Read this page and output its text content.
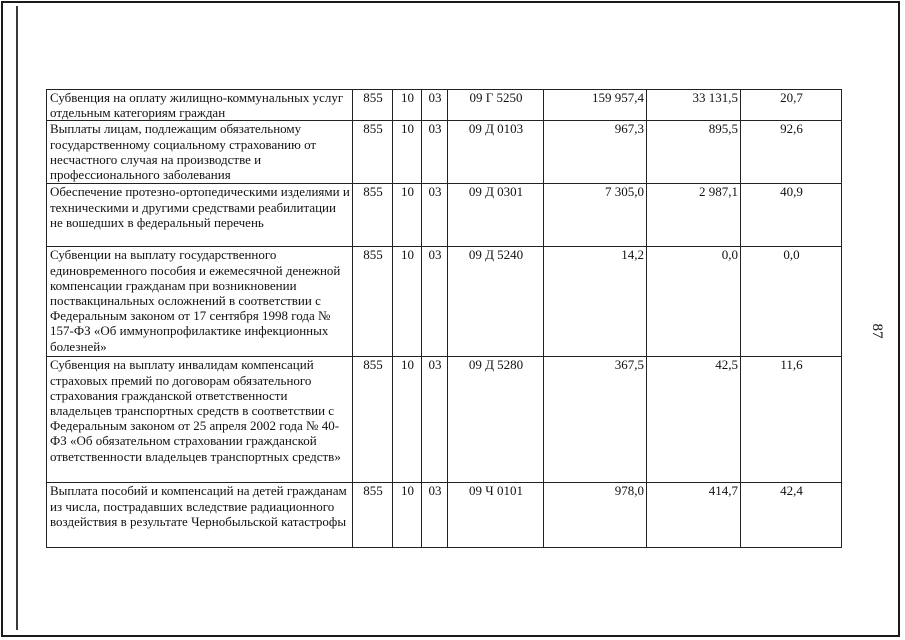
Субвенция на оплату жилищно-коммунальных услуг отдельным категориям граждан	855	10	03	09 Г 5250	159 957,4	33 131,5	20,7
Выплаты лицам, подлежащим обязательному государственному социальному страхованию от несчастного случая на производстве и профессионального заболевания	855	10	03	09 Д 0103	967,3	895,5	92,6
Обеспечение протезно-ортопедическими изделиями и техническими и другими средствами реабилитации не вошедших в федеральный перечень	855	10	03	09 Д 0301	7 305,0	2 987,1	40,9
Субвенции на выплату государственного единовременного пособия и ежемесячной денежной компенсации гражданам при возникновении поствакцинальных осложнений в соответствии с Федеральным законом от 17 сентября 1998 года № 157-ФЗ «Об иммунопрофилактике инфекционных болезней»	855	10	03	09 Д 5240	14,2	0,0	0,0
Субвенция на выплату инвалидам компенсаций страховых премий по договорам обязательного страхования гражданской ответственности владельцев транспортных средств в соответствии с Федеральным законом от 25 апреля 2002 года № 40-ФЗ «Об обязательном страховании гражданской ответственности владельцев транспортных средств»	855	10	03	09 Д 5280	367,5	42,5	11,6
Выплата пособий и компенсаций на детей гражданам из числа, пострадавших вследствие радиационного воздействия в результате Чернобыльской катастрофы	855	10	03	09 Ч 0101	978,0	414,7	42,4
87
